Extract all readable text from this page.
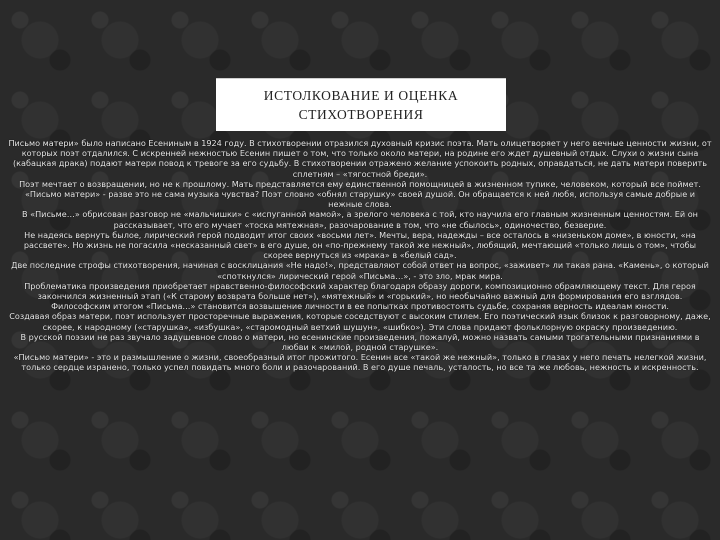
ИСТОЛКОВАНИЕ И ОЦЕНКА
СТИХОТВОРЕНИЯ

Письмо матери» было написано Есениным в 1924 году. В стихотворении отразился духовный кризис поэта. Мать олицетворяет у него вечные ценности жизни, от которых поэт отдалился. С искренней нежностью Есенин пишет о том, что только около матери, на родине его ждет душевный отдых. Слухи о жизни сына (кабацкая драка) подают матери повод к тревоге за его судьбу. В стихотворении отражено желание успокоить родных, оправдаться, не дать матери поверить сплетням – «тягостной бреди».

Поэт мечтает о возвращении, но не к прошлому. Мать представляется ему единственной помощницей в жизненном тупике, человеком, который все поймет.

«Письмо матери» - разве это не сама музыка чувства? Поэт словно «обнял старушку» своей душой. Он обращается к ней любя, используя самые добрые и нежные слова.

В «Письме…» обрисован разговор не «мальчишки» с «испуганной мамой», а зрелого человека с той, кто научила его главным жизненным ценностям. Ей он рассказывает, что его мучает «тоска мятежная», разочарование в том, что «не сбылось», одиночество, безверие.

Не надеясь вернуть былое, лирический герой подводит итог своих «восьми лет». Мечты, вера, надежды – все осталось в «низеньком доме», в юности, «на рассвете». Но жизнь не погасила «несказанный свет» в его душе, он «по-прежнему такой же нежный», любящий, мечтающий «только лишь о том», чтобы скорее вернуться из «мрака» в «белый сад».

Две последние строфы стихотворения, начиная с восклицания «Не надо!», представляют собой ответ на вопрос, «заживет» ли такая рана. «Камень», о который «споткнулся» лирический герой «Письма…», - это зло, мрак мира.

Проблематика произведения приобретает нравственно-философский характер благодаря образу дороги, композиционно обрамляющему текст. Для героя закончился жизненный этап («К старому возврата больше нет»), «мятежный» и «горький», но необычайно важный для формирования его взглядов.

Философским итогом «Письма…» становится возвышение личности в ее попытках противостоять судьбе, сохраняя верность идеалам юности.

Создавая образ матери, поэт использует просторечные выражения, которые соседствуют с высоким стилем. Его поэтический язык близок к разговорному, даже, скорее, к народному («старушка», «избушка», «старомодный ветхий шушун», «шибко»). Эти слова придают фольклорную окраску произведению.

В русской поэзии не раз звучало задушевное слово о матери, но есенинские произведения, пожалуй, можно назвать самыми трогательными признаниями в любви к «милой, родной старушке».

«Письмо матери» - это и размышление о жизни, своеобразный итог прожитого. Есенин все «такой же нежный», только в глазах у него печать нелегкой жизни, только сердце изранено, только успел повидать много боли и разочарований. В его душе печаль, усталость, но все та же любовь, нежность и искренность.
